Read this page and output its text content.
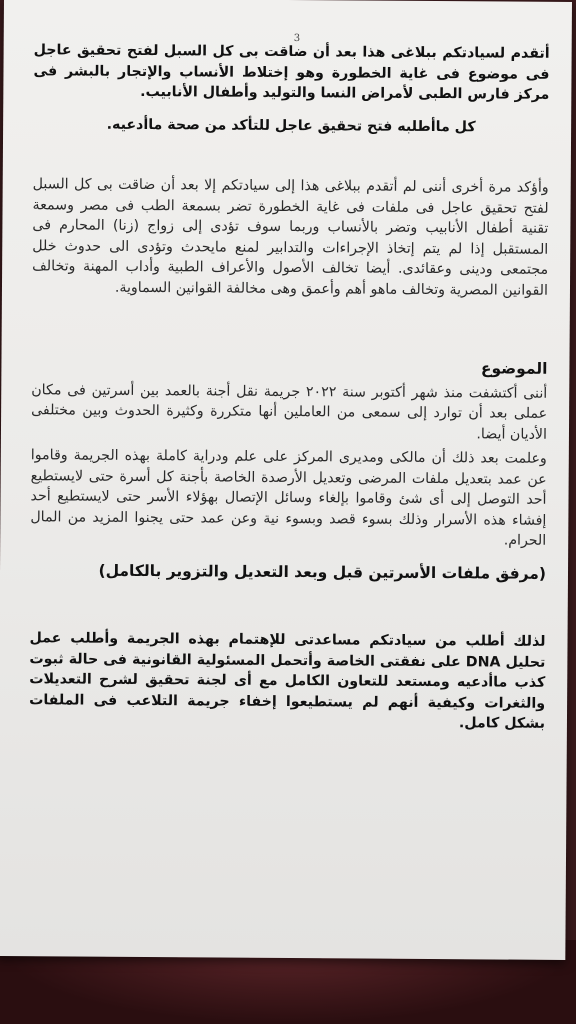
3

أتقدم لسيادتكم ببلاغى هذا بعد أن ضاقت بى كل السبل لفتح تحقيق عاجل فى موضوع فى غاية الخطورة وهو إختلاط الأنساب والإتجار بالبشر فى مركز فارس الطبى لأمراض النسا والتوليد وأطفال الأنابيب.

كل ماأطلبه فتح تحقيق عاجل للتأكد من صحة ماأدعيه.

وأؤكد مرة أخرى أننى لم أتقدم ببلاغى هذا إلى سيادتكم إلا بعد أن ضاقت بى كل السبل لفتح تحقيق عاجل فى ملفات فى غاية الخطورة تضر بسمعة الطب فى مصر وسمعة تقنية أطفال الأنابيب وتضر بالأنساب وربما سوف تؤدى إلى زواج (زنا) المحارم فى المستقبل إذا لم يتم إتخاذ الإجراءات والتدابير لمنع مايحدث وتؤدى الى حدوث خلل مجتمعى ودينى وعقائدى. أيضا تخالف الأصول والأعراف الطبية وأداب المهنة وتخالف القوانين المصرية وتخالف ماهو أهم وأعمق وهى مخالفة القوانين السماوية.

الموضوع

أننى أكتشفت منذ شهر أكتوبر سنة ٢٠٢٢ جريمة نقل أجنة بالعمد بين أسرتين فى مكان عملى بعد أن توارد إلى سمعى من العاملين أنها متكررة وكثيرة الحدوث وبين مختلفى الأديان أيضا.

وعلمت بعد ذلك أن مالكى ومديرى المركز على علم ودراية كاملة بهذه الجريمة وقاموا عن عمد بتعديل ملفات المرضى وتعديل الأرصدة الخاصة بأجنة كل أسرة حتى لايستطيع أحد التوصل إلى أى شئ وقاموا بإلغاء وسائل الإتصال بهؤلاء الأسر حتى لايستطيع أحد إفشاء هذه الأسرار وذلك بسوء قصد وبسوء نية وعن عمد حتى يجنوا المزيد من المال الحرام.

(مرفق ملفات الأسرتين قبل وبعد التعديل والتزوير بالكامل)

لذلك أطلب من سيادتكم مساعدتى للإهتمام بهذه الجريمة وأطلب عمل تحليل DNA على نفقتى الخاصة وأتحمل المسئولية القانونية فى حالة ثبوت كذب ماأدعيه ومستعد للتعاون الكامل مع أى لجنة تحقيق لشرح التعديلات والثغرات وكيفية أنهم لم يستطيعوا إخفاء جريمة التلاعب فى الملفات بشكل كامل.
